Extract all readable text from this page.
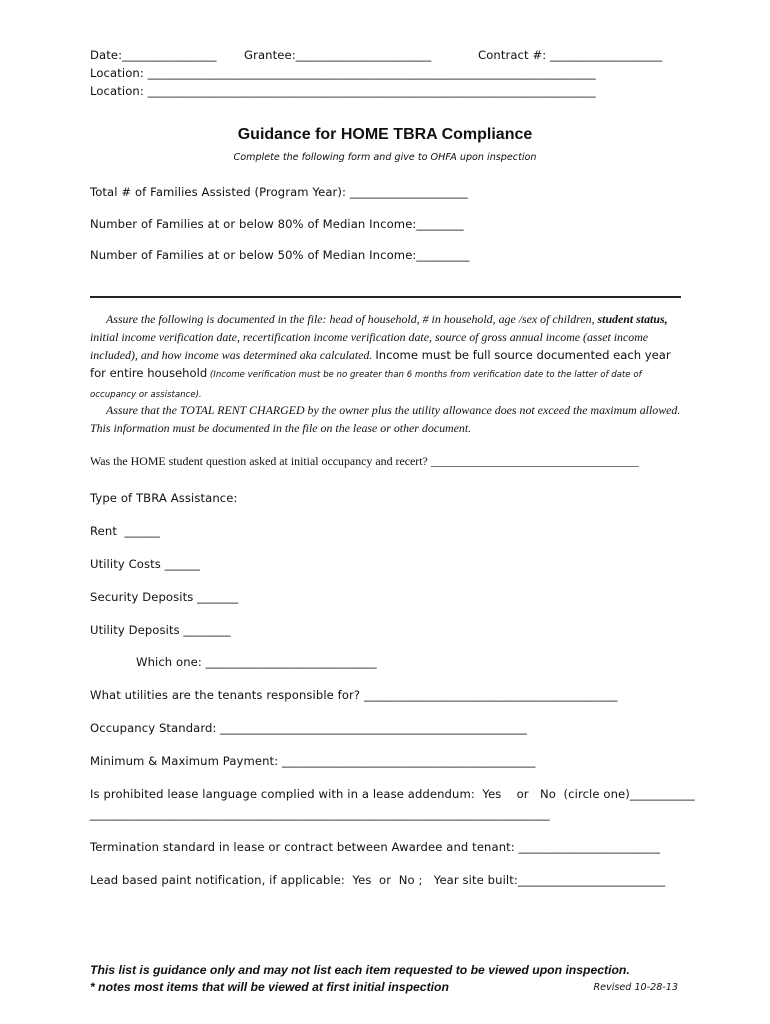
Date:________________ Grantee:_______________________	Contract #: ___________________
Location: ____________________________________________________________________________
Location: ____________________________________________________________________________
Guidance for HOME TBRA Compliance
Complete the following form and give to OHFA upon inspection
Total # of Families Assisted (Program Year): ____________________
Number of Families at or below 80% of Median Income:________
Number of Families at or below 50% of Median Income:_________
Assure the following is documented in the file: head of household, # in household, age /sex of children, student status, initial income verification date, recertification income verification date, source of gross annual income (asset income included), and how income was determined aka calculated. Income must be full source documented each year for entire household (Income verification must be no greater than 6 months from verification date to the latter of date of occupancy or assistance).
Assure that the TOTAL RENT CHARGED by the owner plus the utility allowance does not exceed the maximum allowed. This information must be documented in the file on the lease or other document.
Was the HOME student question asked at initial occupancy and recert? ___________________________________
Type of TBRA Assistance:
Rent  ______
Utility Costs ______
Security Deposits _______
Utility Deposits ________
Which one: _____________________________
What utilities are the tenants responsible for? ___________________________________________
Occupancy Standard: ____________________________________________________
Minimum & Maximum Payment: ___________________________________________
Is prohibited lease language complied with in a lease addendum:  Yes    or   No  (circle one)___________
______________________________________________________________________________
Termination standard in lease or contract between Awardee and tenant: ________________________
Lead based paint notification, if applicable:  Yes  or  No ;   Year site built:_________________________
This list is guidance only and may not list each item requested to be viewed upon inspection.
* notes most items that will be viewed at first initial inspection	Revised 10-28-13
